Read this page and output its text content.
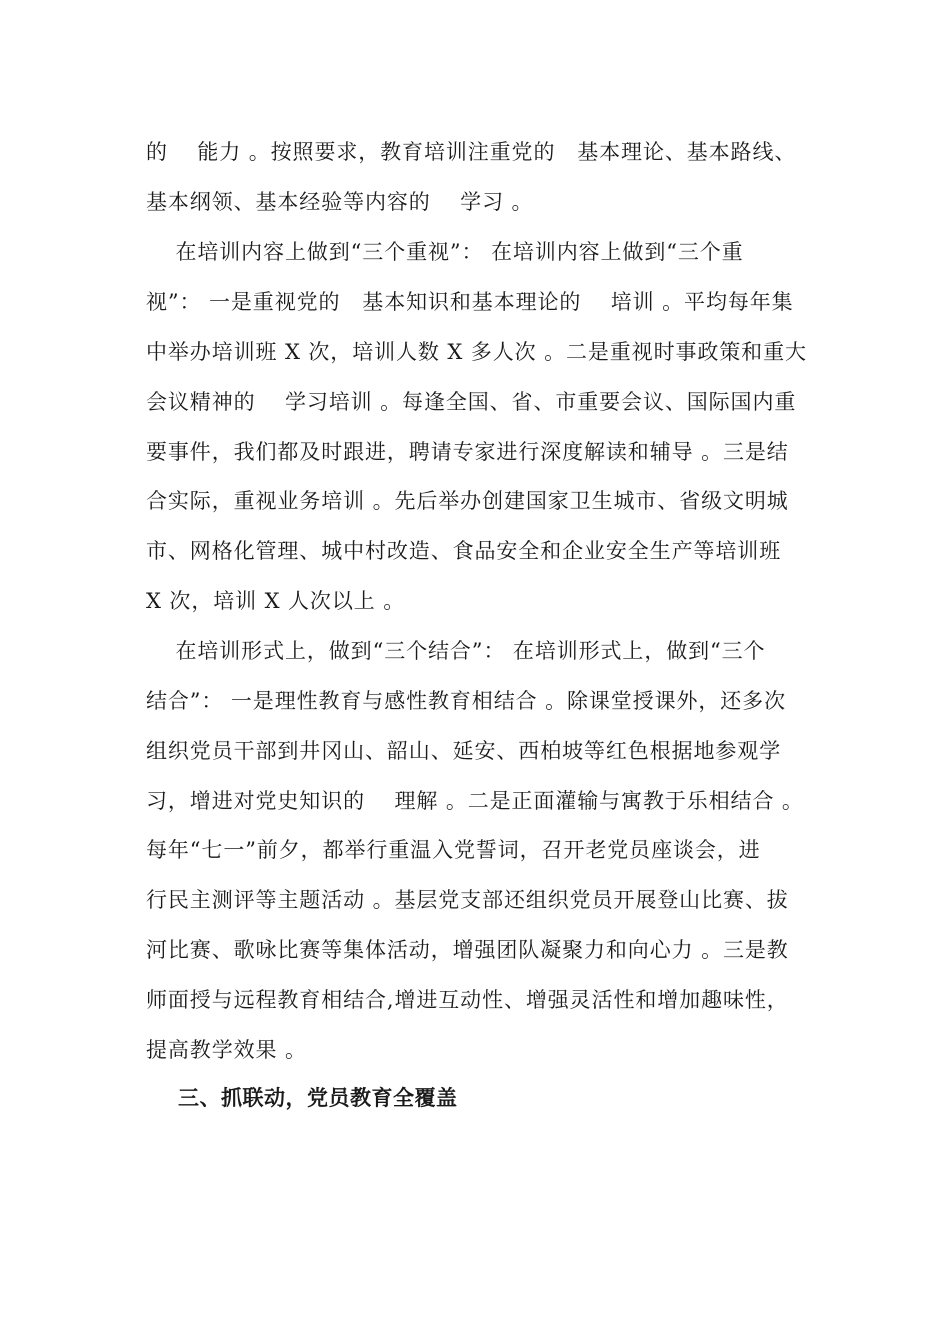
的　 能力 。按照要求，教育培训注重党的　基本理论、基本路线、
基本纲领、基本经验等内容的　 学习 。
　 在培训内容上做到“三个重视”： 在培训内容上做到“三个重
视”： 一是重视党的　基本知识和基本理论的　 培训 。平均每年集
中举办培训班 X 次，培训人数 X 多人次 。二是重视时事政策和重大
会议精神的　 学习培训 。每逢全国、省、市重要会议、国际国内重
要事件，我们都及时跟进，聘请专家进行深度解读和辅导 。三是结
合实际，重视业务培训 。先后举办创建国家卫生城市、省级文明城
市、网格化管理、城中村改造、食品安全和企业安全生产等培训班
X 次，培训 X 人次以上 。
　 在培训形式上，做到“三个结合”： 在培训形式上，做到“三个
结合”： 一是理性教育与感性教育相结合 。除课堂授课外，还多次
组织党员干部到井冈山、韶山、延安、西柏坡等红色根据地参观学
习，增进对党史知识的　 理解 。二是正面灌输与寓教于乐相结合 。
每年“七一”前夕，都举行重温入党誓词，召开老党员座谈会，进
行民主测评等主题活动 。基层党支部还组织党员开展登山比赛、拔
河比赛、歌咏比赛等集体活动，增强团队凝聚力和向心力 。三是教
师面授与远程教育相结合,增进互动性、增强灵活性和增加趣味性，
提高教学效果 。
三、抓联动，党员教育全覆盖
